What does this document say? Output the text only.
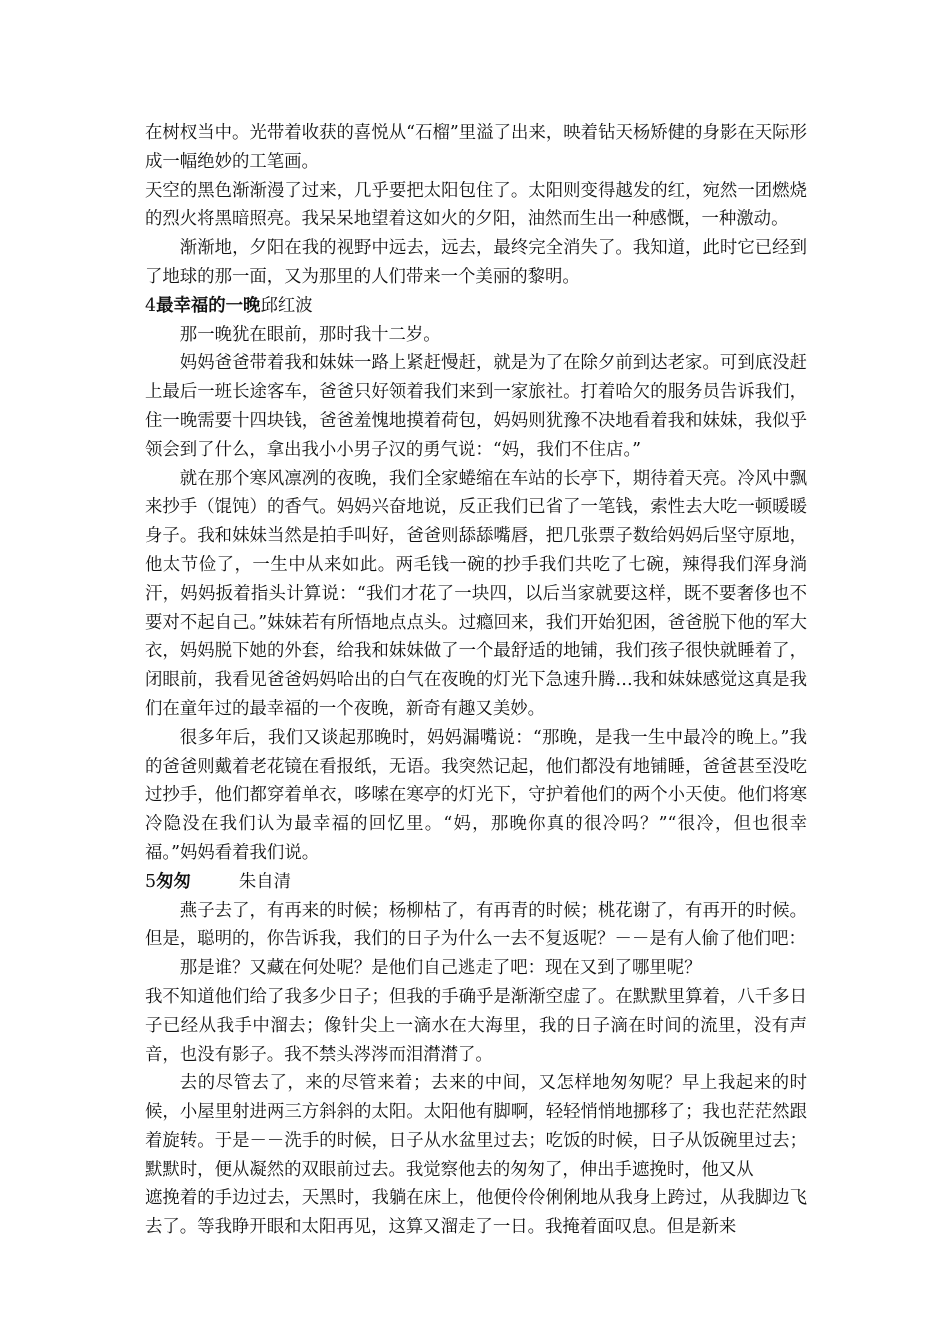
在树杈当中。光带着收获的喜悦从“石榴”里溢了出来，映着钻天杨矫健的身影在天际形成一幅绝妙的工笔画。

天空的黑色渐渐漫了过来，几乎要把太阳包住了。太阳则变得越发的红，宛然一团燃烧的烈火将黑暗照亮。我呆呆地望着这如火的夕阳，油然而生出一种感慨，一种激动。

渐渐地，夕阳在我的视野中远去，远去，最终完全消失了。我知道，此时它已经到了地球的那一面，又为那里的人们带来一个美丽的黎明。

4最幸福的一晚邱红波

那一晚犹在眼前，那时我十二岁。

妈妈爸爸带着我和妹妹一路上紧赶慢赶，就是为了在除夕前到达老家。可到底没赶上最后一班长途客车，爸爸只好领着我们来到一家旅社。打着哈欠的服务员告诉我们，住一晚需要十四块钱，爸爸羞愧地摸着荷包，妈妈则犹豫不决地看着我和妹妹，我似乎领会到了什么，拿出我小小男子汉的勇气说：“妈，我们不住店。”

就在那个寒风凛冽的夜晚，我们全家蜷缩在车站的长亭下，期待着天亮。冷风中飘来抄手（馄饨）的香气。妈妈兴奋地说，反正我们已省了一笔钱，索性去大吃一顿暖暖身子。我和妹妹当然是拍手叫好，爸爸则舔舔嘴唇，把几张票子数给妈妈后坚守原地，他太节俭了，一生中从来如此。两毛钱一碗的抄手我们共吃了七碗，辣得我们浑身淌汗，妈妈扳着指头计算说：“我们才花了一块四，以后当家就要这样，既不要奢侈也不要对不起自己。”妹妹若有所悟地点点头。过瘾回来，我们开始犯困，爸爸脱下他的军大衣，妈妈脱下她的外套，给我和妹妹做了一个最舒适的地铺，我们孩子很快就睡着了，闭眼前，我看见爸爸妈妈哈出的白气在夜晚的灯光下急速升腾…我和妹妹感觉这真是我们在童年过的最幸福的一个夜晚，新奇有趣又美妙。

很多年后，我们又谈起那晚时，妈妈漏嘴说：“那晚，是我一生中最冷的晚上。”我的爸爸则戴着老花镜在看报纸，无语。我突然记起，他们都没有地铺睡，爸爸甚至没吃过抄手，他们都穿着单衣，哆嗦在寒亭的灯光下，守护着他们的两个小天使。他们将寒冷隐没在我们认为最幸福的回忆里。“妈，那晚你真的很冷吗？”“很冷，但也很幸福。”妈妈看着我们说。

5匆匆	朱自清

燕子去了，有再来的时候；杨柳枯了，有再青的时候；桃花谢了，有再开的时候。但是，聪明的，你告诉我，我们的日子为什么一去不复返呢？－－是有人偷了他们吧：

那是谁？又藏在何处呢？是他们自己逃走了吧：现在又到了哪里呢？

我不知道他们给了我多少日子；但我的手确乎是渐渐空虚了。在默默里算着，八千多日子已经从我手中溜去；像针尖上一滴水在大海里，我的日子滴在时间的流里，没有声音，也没有影子。我不禁头涔涔而泪潸潸了。

去的尽管去了，来的尽管来着；去来的中间，又怎样地匆匆呢？早上我起来的时候，小屋里射进两三方斜斜的太阳。太阳他有脚啊，轻轻悄悄地挪移了；我也茫茫然跟着旋转。于是－－洗手的时候，日子从水盆里过去；吃饭的时候，日子从饭碗里过去；默默时，便从凝然的双眼前过去。我觉察他去的匆匆了，伸出手遮挽时，他又从

遮挽着的手边过去，天黑时，我躺在床上，他便伶伶俐俐地从我身上跨过，从我脚边飞去了。等我睁开眼和太阳再见，这算又溜走了一日。我掩着面叹息。但是新来
